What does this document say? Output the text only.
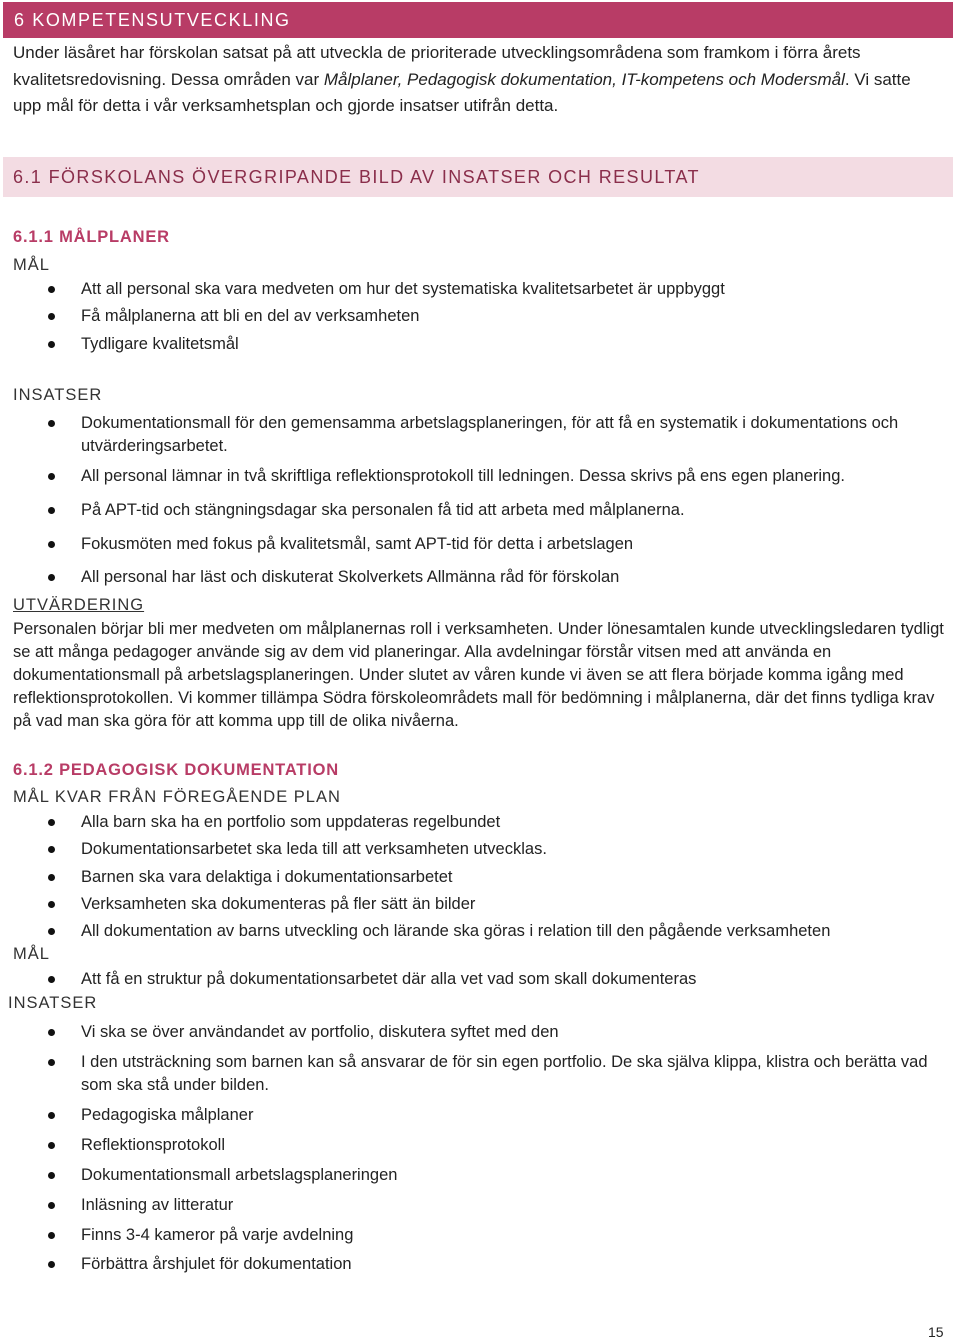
6 KOMPETENSUTVECKLING
Under läsåret har förskolan satsat på att utveckla de prioriterade utvecklingsområdena som framkom i förra årets kvalitetsredovisning. Dessa områden var Målplaner, Pedagogisk dokumentation, IT-kompetens och Modersmål. Vi satte upp mål för detta i vår verksamhetsplan och gjorde insatser utifrån detta.
6.1 FÖRSKOLANS ÖVERGRIPANDE BILD AV INSATSER OCH RESULTAT
6.1.1 MÅLPLANER
MÅL
Att all personal ska vara medveten om hur det systematiska kvalitetsarbetet är uppbyggt
Få målplanerna att bli en del av verksamheten
Tydligare kvalitetsmål
INSATSER
Dokumentationsmall för den gemensamma arbetslagsplaneringen, för att få en systematik i dokumentations och utvärderingsarbetet.
All personal lämnar in två skriftliga reflektionsprotokoll till ledningen. Dessa skrivs på ens egen planering.
På APT-tid och stängningsdagar ska personalen få tid att arbeta med målplanerna.
Fokusmöten med fokus på kvalitetsmål, samt APT-tid för detta i arbetslagen
All personal har läst och diskuterat Skolverkets Allmänna råd för förskolan
UTVÄRDERING
Personalen börjar bli mer medveten om målplanernas roll i verksamheten. Under lönesamtalen kunde utvecklingsledaren tydligt se att många pedagoger använde sig av dem vid planeringar. Alla avdelningar förstår vitsen med att använda en dokumentationsmall på arbetslagsplaneringen. Under slutet av våren kunde vi även se att flera började komma igång med reflektionsprotokollen. Vi kommer tillämpa Södra förskoleområdets mall för bedömning i målplanerna, där det finns tydliga krav på vad man ska göra för att komma upp till de olika nivåerna.
6.1.2 PEDAGOGISK DOKUMENTATION
MÅL KVAR FRÅN FÖREGÅENDE PLAN
Alla barn ska ha en portfolio som uppdateras regelbundet
Dokumentationsarbetet ska leda till att verksamheten utvecklas.
Barnen ska vara delaktiga i dokumentationsarbetet
Verksamheten ska dokumenteras på fler sätt än bilder
All dokumentation av barns utveckling och lärande ska göras i relation till den pågående verksamheten
MÅL
Att få en struktur på dokumentationsarbetet där alla vet vad som skall dokumenteras
INSATSER
Vi ska se över användandet av portfolio, diskutera syftet med den
I den utsträckning som barnen kan så ansvarar de för sin egen portfolio. De ska själva klippa, klistra och berätta vad som ska stå under bilden.
Pedagogiska målplaner
Reflektionsprotokoll
Dokumentationsmall arbetslagsplaneringen
Inläsning av litteratur
Finns 3-4 kameror på varje avdelning
Förbättra årshjulet för dokumentation
15
